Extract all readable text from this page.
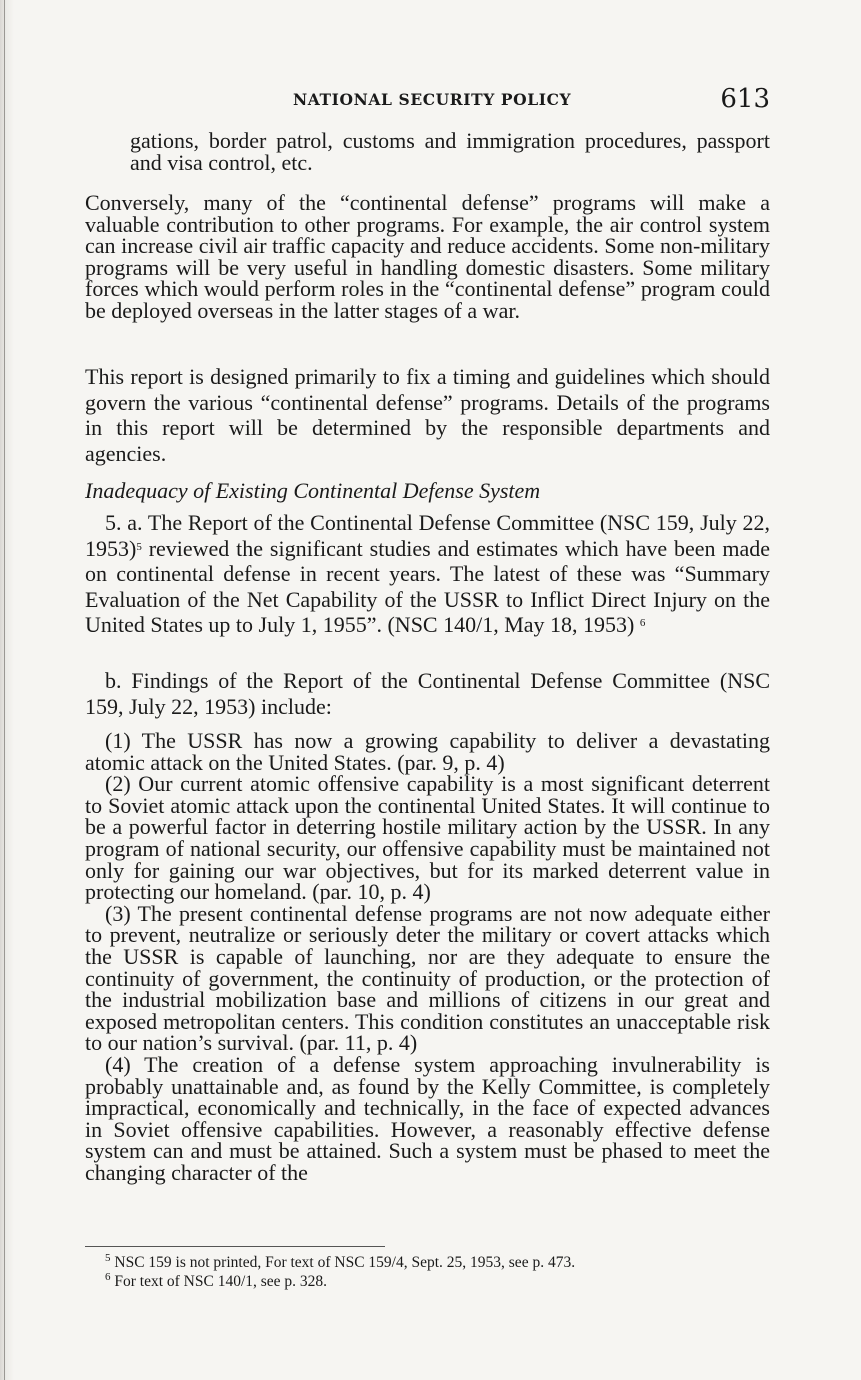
NATIONAL SECURITY POLICY	613

gations, border patrol, customs and immigration procedures, passport and visa control, etc.

Conversely, many of the “continental defense” programs will make a valuable contribution to other programs. For example, the air control system can increase civil air traffic capacity and reduce accidents. Some non-military programs will be very useful in handling domestic disasters. Some military forces which would perform roles in the “continental defense” program could be deployed overseas in the latter stages of a war.

This report is designed primarily to fix a timing and guidelines which should govern the various “continental defense” programs. Details of the programs in this report will be determined by the responsible departments and agencies.

Inadequacy of Existing Continental Defense System

5. a. The Report of the Continental Defense Committee (NSC 159, July 22, 1953)$^5$ reviewed the significant studies and estimates which have been made on continental defense in recent years. The latest of these was “Summary Evaluation of the Net Capability of the USSR to Inflict Direct Injury on the United States up to July 1, 1955”. (NSC 140/1, May 18, 1953) $^6$

b. Findings of the Report of the Continental Defense Committee (NSC 159, July 22, 1953) include:

(1) The USSR has now a growing capability to deliver a devastating atomic attack on the United States. (par. 9, p. 4)

(2) Our current atomic offensive capability is a most significant deterrent to Soviet atomic attack upon the continental United States. It will continue to be a powerful factor in deterring hostile military action by the USSR. In any program of national security, our offensive capability must be maintained not only for gaining our war objectives, but for its marked deterrent value in protecting our homeland. (par. 10, p. 4)

(3) The present continental defense programs are not now adequate either to prevent, neutralize or seriously deter the military or covert attacks which the USSR is capable of launching, nor are they adequate to ensure the continuity of government, the continuity of production, or the protection of the industrial mobilization base and millions of citizens in our great and exposed metropolitan centers. This condition constitutes an unacceptable risk to our nation’s survival. (par. 11, p. 4)

(4) The creation of a defense system approaching invulnerability is probably unattainable and, as found by the Kelly Committee, is completely impractical, economically and technically, in the face of expected advances in Soviet offensive capabilities. However, a reasonably effective defense system can and must be attained. Such a system must be phased to meet the changing character of the

$^5$ NSC 159 is not printed, For text of NSC 159/4, Sept. 25, 1953, see p. 473.

$^6$ For text of NSC 140/1, see p. 328.
